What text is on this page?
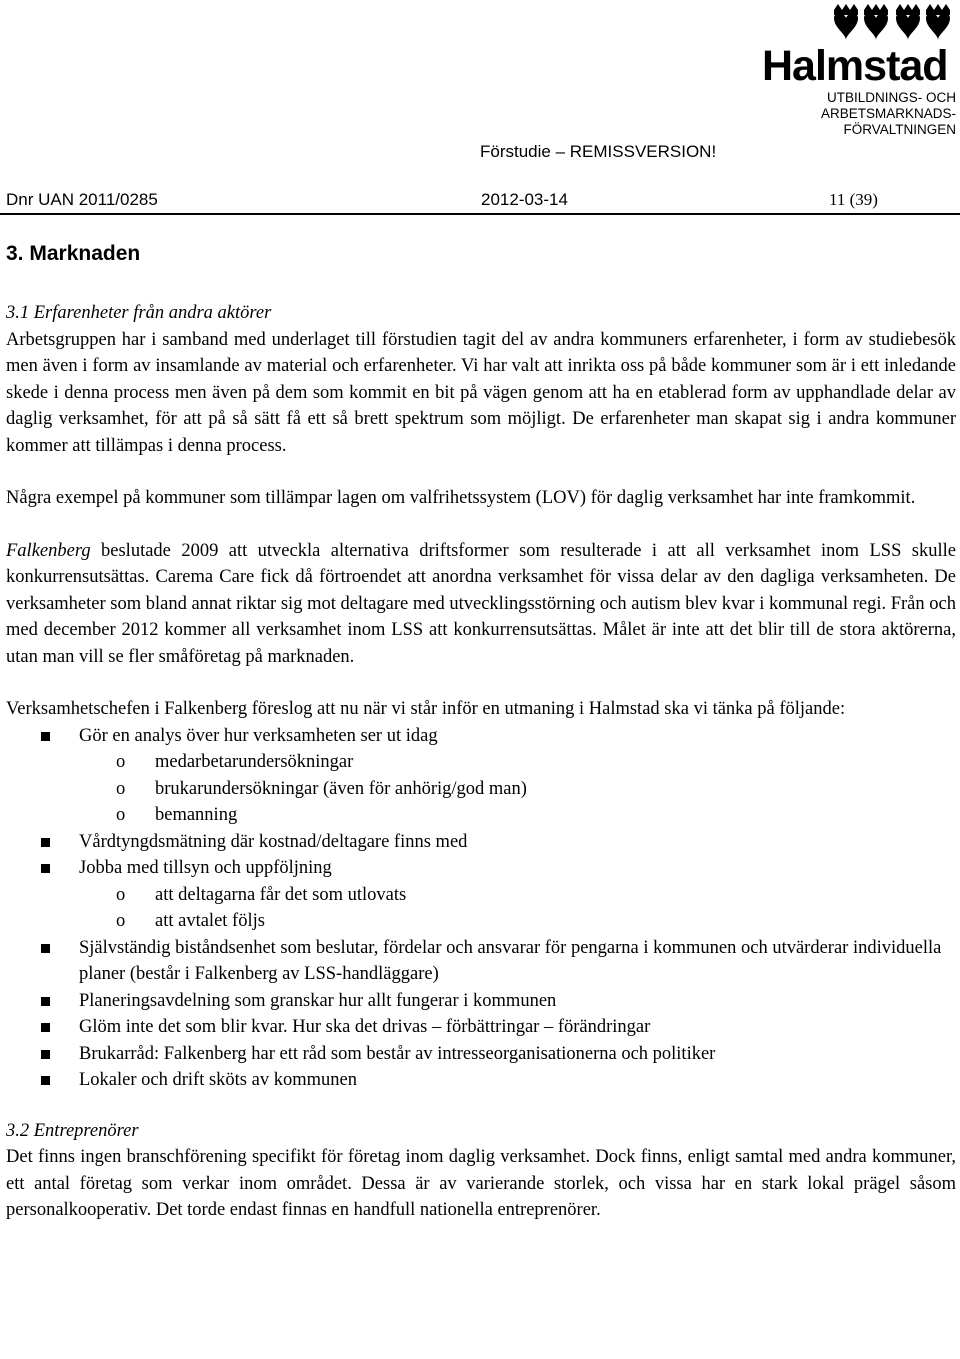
Halmstad
UTBILDNINGS- OCH
ARBETSMARKNADS-
FÖRVALTNINGEN
Förstudie – REMISSVERSION!
Dnr UAN 2011/0285	2012-03-14	11 (39)
3. Marknaden
3.1 Erfarenheter från andra aktörer

Arbetsgruppen har i samband med underlaget till förstudien tagit del av andra kommuners erfarenheter, i form av studiebesök men även i form av insamlande av material och erfarenheter. Vi har valt att inrikta oss på både kommuner som är i ett inledande skede i denna process men även på dem som kommit en bit på vägen genom att ha en etablerad form av upphandlade delar av daglig verksamhet, för att på så sätt få ett så brett spektrum som möjligt. De erfarenheter man skapat sig i andra kommuner kommer att tillämpas i denna process.

Några exempel på kommuner som tillämpar lagen om valfrihetssystem (LOV) för daglig verksamhet har inte framkommit.

Falkenberg beslutade 2009 att utveckla alternativa driftsformer som resulterade i att all verksamhet inom LSS skulle konkurrensutsättas. Carema Care fick då förtroendet att anordna verksamhet för vissa delar av den dagliga verksamheten. De verksamheter som bland annat riktar sig mot deltagare med utvecklingsstörning och autism blev kvar i kommunal regi. Från och med december 2012 kommer all verksamhet inom LSS att konkurrensutsättas. Målet är inte att det blir till de stora aktörerna, utan man vill se fler småföretag på marknaden.

Verksamhetschefen i Falkenberg föreslog att nu när vi står inför en utmaning i Halmstad ska vi tänka på följande:

Gör en analys över hur verksamheten ser ut idag
o medarbetarundersökningar
o brukarundersökningar (även för anhörig/god man)
o bemanning
Vårdtyngdsmätning där kostnad/deltagare finns med
Jobba med tillsyn och uppföljning
o att deltagarna får det som utlovats
o att avtalet följs
Självständig biståndsenhet som beslutar, fördelar och ansvarar för pengarna i kommunen och utvärderar individuella planer (består i Falkenberg av LSS-handläggare)
Planeringsavdelning som granskar hur allt fungerar i kommunen
Glöm inte det som blir kvar. Hur ska det drivas – förbättringar – förändringar
Brukarråd: Falkenberg har ett råd som består av intresseorganisationerna och politiker
Lokaler och drift sköts av kommunen
3.2 Entreprenörer

Det finns ingen branschförening specifikt för företag inom daglig verksamhet. Dock finns, enligt samtal med andra kommuner, ett antal företag som verkar inom området. Dessa är av varierande storlek, och vissa har en stark lokal prägel såsom personalkooperativ. Det torde endast finnas en handfull nationella entreprenörer.
